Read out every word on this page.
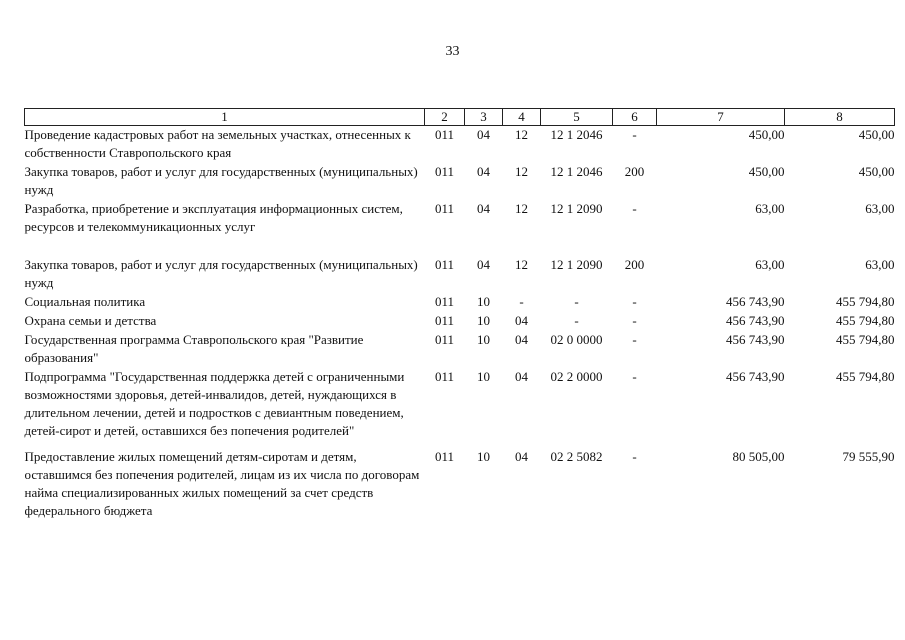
33
1	2	3	4	5	6	7	8
Проведение кадастровых работ на земельных участках, отнесенных к собственности Ставропольского края	011	04	12	12 1 2046	-	450,00	450,00
Закупка товаров, работ и услуг для государственных (муниципальных) нужд	011	04	12	12 1 2046	200	450,00	450,00
Разработка, приобретение и эксплуатация информационных систем, ресурсов и телекоммуникационных услуг	011	04	12	12 1 2090	-	63,00	63,00
Закупка товаров, работ и услуг для государственных (муниципальных) нужд	011	04	12	12 1 2090	200	63,00	63,00
Социальная политика	011	10	-	-	-	456 743,90	455 794,80
Охрана семьи и детства	011	10	04	-	-	456 743,90	455 794,80
Государственная программа Ставропольского края "Развитие образования"	011	10	04	02 0 0000	-	456 743,90	455 794,80
Подпрограмма "Государственная поддержка детей с ограниченными возможностями здоровья, детей-инвалидов, детей, нуждающихся в длительном лечении, детей и подростков с девиантным поведением, детей-сирот и детей, оставшихся без попечения родителей"	011	10	04	02 2 0000	-	456 743,90	455 794,80
Предоставление жилых помещений детям-сиротам и детям, оставшимся без попечения родителей, лицам из их числа по договорам найма специализированных жилых помещений за счет средств федерального бюджета	011	10	04	02 2 5082	-	80 505,00	79 555,90
